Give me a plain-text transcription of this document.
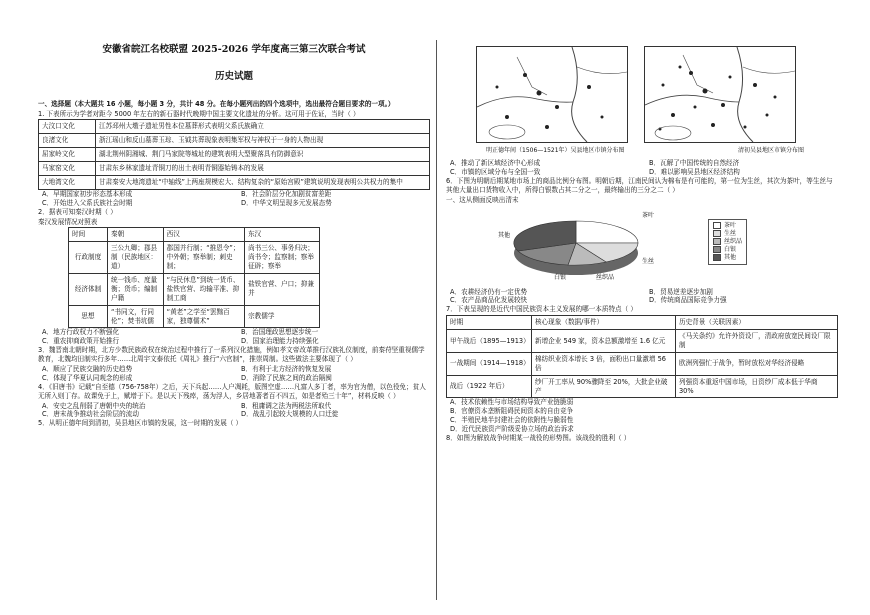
安徽省皖江名校联盟 2025-2026 学年度高三第三次联合考试
历史试题

一、选择题（本大题共 16 小题，每小题 3 分，共计 48 分。在每小题列出的四个选项中，选出最符合题目要求的一项。）

1. 下表所示为学者对距今 5000 年左右的新石器时代晚期中国主要文化遗址的分析。这可用于佐证，当时（ ）

大汶口文化	江苏邳州大墩子遗址男性本位墓葬形式表明父系氏族确立
良渚文化	浙江瑶山和反山墓葬玉琮、玉钺共葬现象表明集军权与神权于一身的人物出现
屈家岭文化	湖北荆州阴湘城、荆门马家院等城址的建筑表明大型聚落具有防御意识
马家窑文化	甘肃东乡林家遗址青铜刀的出土表明青铜器始铸本的发展
大地湾文化	甘肃秦安大地湾遗址“中轴线”上两座规模宏大、结构复杂的“原始宫殿”建筑说明发现表明公共权力的集中
A．早期国家初步形态基本形成	B．社会阶层分化加剧贫富差距
C．开始进入父系氏族社会时期	D．中华文明呈现多元发展态势

2．据表可知秦汉时期（ ）

秦汉发展情况对照表

时间	秦朝	西汉	东汉
行政制度	三公九卿；郡县制（民族地区：道）	郡国并行制；“推恩令”；中外朝；察举制；刺史制；	尚书三公、事务归决；尚书令；监察制；察举征辟；察举
经济体制	统一钱币、度量衡；货币；编制户籍	“与民休息”到统一货币、盐铁官营、均输平准、抑制工商	盐铁官营、户口；抑兼并
思想	“书同文，行同伦”；焚书坑儒	“黄老”之学至“罢黜百家，独尊儒术”	宗教儒学
A．地方行政权力不断强化	B．治国理政思想逐步统一
C．重农抑商政策开始推行	D．国家治理能力持续强化

3．魏晋南北朝时期，北方少数民族政权在统治过程中推行了一系列汉化措施，例如孝文帝改革推行汉族礼仪制度，前秦苻坚重视儒学教育，北魏均田制实行多年……北周宇文泰依托《周礼》推行“六官制”，推崇周制。这些做法主要体现了（ ）

A．顺应了民族交融的历史趋势	B．有利于北方经济的恢复发展
C．体现了华夏认同观念的形成	D．消除了民族之间的政治隔阂

4．《旧唐书》记载“自至德（756-758年）之后，天下兵起……人户凋耗，版图空虚……凡富人多丁者，率为官为僧，以色役免；贫人无所入则丁存。故课免于上，赋增于下。是以天下残瘁，荡为浮人，乡居地著者百不四五，如是者殆三十年”，材料反映（ ）

A．安史之乱削弱了唐朝中央的统治	B．租庸调之法为两税法所取代
C．唐末战争推动社会阶层的流动	D．战乱引起较大规模的人口迁徙

5．从明正德年间到清初，吴县地区市镇的发展，这一时期的发展（ ）

明正德年间（1506—1521年）吴县地区市镇分布图	清初吴县地区市镇分布图
A．推动了新区域经济中心形成	B．瓦解了中国传统的自然经济
C．市镇的区域分布与全国一致	D．难以影响吴县地区经济结构

6．下图为明朝后期某地市场上的商品比例分布图。明朝后期，江南民间认为棉布是有可能的，第一位为生丝，其次为茶叶，等生丝与其他大量出口货物收入中，所得白银数占其二分之一，最终输出的三分之二（ ）

一、这从侧面反映出清末

茶叶
生丝
丝织品
白银
其他
茶叶
生丝
丝织品
白银
其他
A．农耕经济仍有一定优势	B．贸易逆差逐步加剧
C．农产品商品化发展较快	D．传统商品国际竞争力强

7．下表呈现的是近代中国民族资本主义发展的哪一本质特点（ ）

时期	核心现象（数据/事件）	历史背景（关联因素）
甲午战后（1895—1913）	新增企业 549 家，资本总额激增至 1.6 亿元	《马关条约》允许外资设厂，清政府放宽民间设厂限制
一战期间（1914—1918）	棉纺织业资本增长 3 倍，面粉出口量激增 56 倍	欧洲列强忙于战争，暂时放松对华经济侵略
战后（1922 年后）	纱厂开工率从 90%骤降至 20%，大批企业破产	列强资本重返中国市场，日资纱厂成本低于华商 30%
A．技术依赖性与市场结构导致产业链脆弱
B．官僚资本垄断阻碍民间资本的自由竞争
C．半殖民地半封建社会的依附性与脆弱性
D．近代民族资产阶级妥协立场的政治诉求

8．如图为解放战争时期某一战役的形势图。该战役的胜利（ ）
